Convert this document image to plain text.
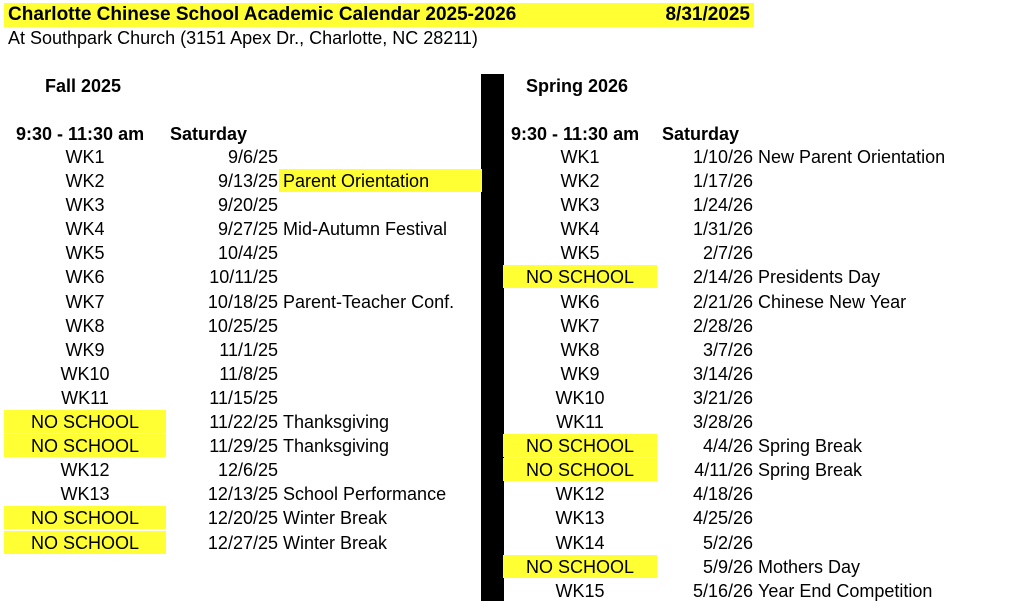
Charlotte Chinese School Academic Calendar 2025-2026	8/31/2025
At Southpark Church (3151 Apex Dr., Charlotte, NC 28211)
Fall 2025
9:30 - 11:30 am Saturday
Spring 2026
9:30 - 11:30 am Saturday
WK1	9/6/25
WK2	9/13/25 Parent Orientation
WK3	9/20/25
WK4	9/27/25 Mid-Autumn Festival
WK5	10/4/25
WK6	10/11/25
WK7	10/18/25 Parent-Teacher Conf.
WK8	10/25/25
WK9	11/1/25
WK10	11/8/25
WK11	11/15/25
NO SCHOOL	11/22/25 Thanksgiving
NO SCHOOL	11/29/25 Thanksgiving
WK12	12/6/25
WK13	12/13/25 School Performance
NO SCHOOL	12/20/25 Winter Break
NO SCHOOL	12/27/25 Winter Break
WK1	1/10/26 New Parent Orientation
WK2	1/17/26
WK3	1/24/26
WK4	1/31/26
WK5	2/7/26
NO SCHOOL	2/14/26 Presidents Day
WK6	2/21/26 Chinese New Year
WK7	2/28/26
WK8	3/7/26
WK9	3/14/26
WK10	3/21/26
WK11	3/28/26
NO SCHOOL	4/4/26 Spring Break
NO SCHOOL	4/11/26 Spring Break
WK12	4/18/26
WK13	4/25/26
WK14	5/2/26
NO SCHOOL	5/9/26 Mothers Day
WK15	5/16/26 Year End Competition
